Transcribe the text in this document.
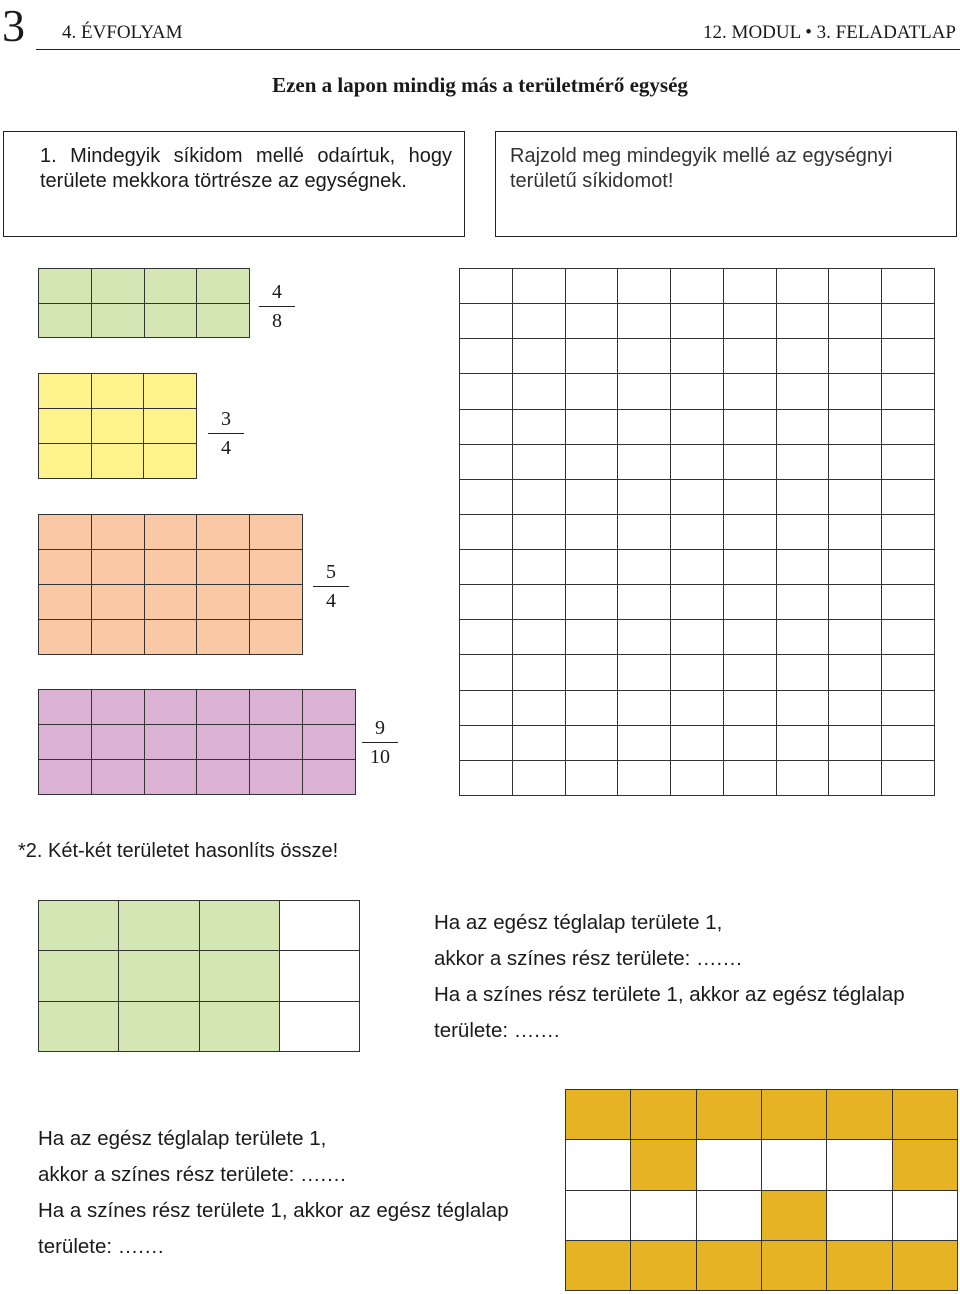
3 4. ÉVFOLYAM	12. MODUL • 3. FELADATLAP
Ezen a lapon mindig más a területmérő egység
1. Mindegyik síkidom mellé odaírtuk, hogy területe mekkora törtrésze az egységnek.
Rajzold meg mindegyik mellé az egységnyi területű síkidomot!

4
8

3
4

5
4

9
10

*2. Két-két területet hasonlíts össze!

Ha az egész téglalap területe 1,
akkor a színes rész területe: ….…
Ha a színes rész területe 1, akkor az egész téglalap
területe: ….…

Ha az egész téglalap területe 1,
akkor a színes rész területe: ….…
Ha a színes rész területe 1, akkor az egész téglalap
területe: ….…
